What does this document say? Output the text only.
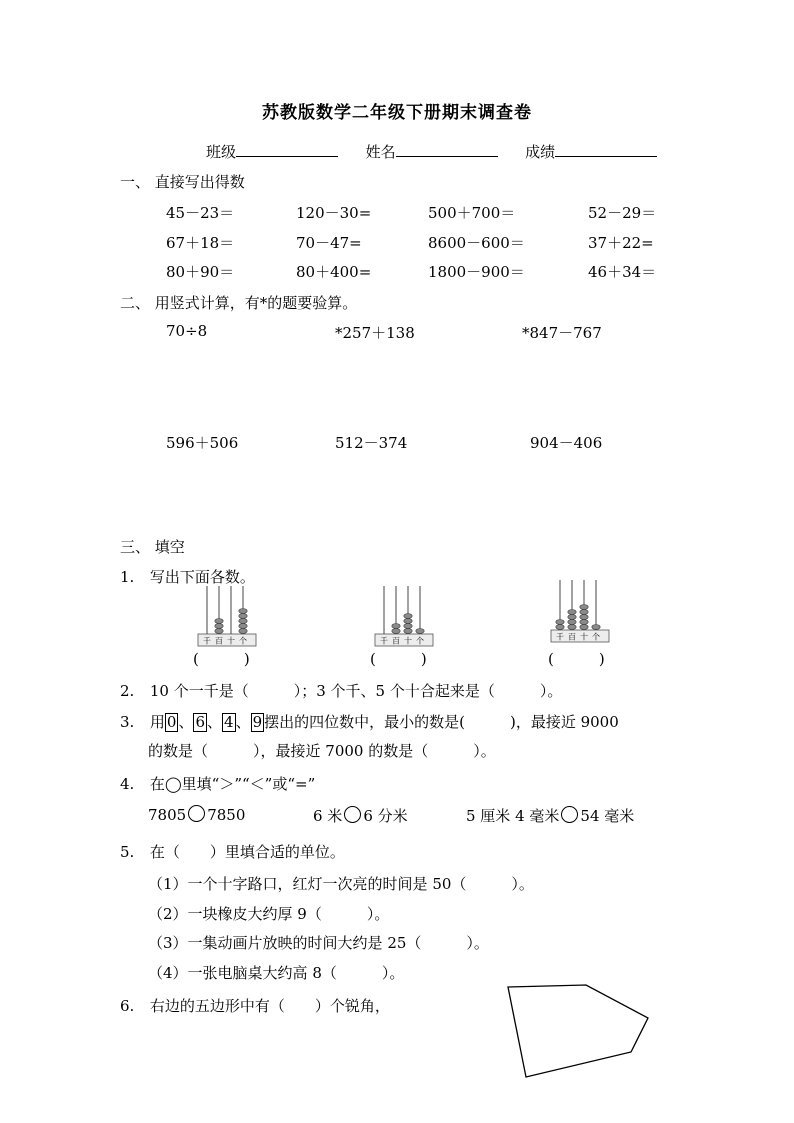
苏教版数学二年级下册期末调查卷
班级	姓名	成绩
一、 直接写出得数
45－23＝	120－30=	500＋700＝	52－29＝
67＋18＝	70－47=	8600－600＝	37＋22=
80＋90＝	80＋400=	1800－900＝	46＋34＝
二、 用竖式计算，有*的题要验算。
70÷8	*257＋138	*847－767
596＋506	512－374	904－406
三、 填空
1. 写出下面各数。
千 百 十 个
(　　　)
千 百 十 个
(　　　)
千 百 十 个
(　　　)
2. 10 个一千是（　　　）；3 个千、5 个十合起来是（　　　）。
3. 用 0 、 6 、 4 、 9 摆出的四位数中，最小的数是(　　　)，最接近 9000
的数是（　　　），最接近 7000 的数是（　　　）。
4. 在◯里填“＞”“＜”或“=”
7805 7850	6 米 6 分米	5 厘米 4 毫米 54 毫米
5. 在（　　）里填合适的单位。
（1）一个十字路口，红灯一次亮的时间是 50（　　　）。
（2）一块橡皮大约厚 9（　　　）。
（3）一集动画片放映的时间大约是 25（　　　）。
（4）一张电脑桌大约高 8（　　　）。
6. 右边的五边形中有（　　）个锐角，
